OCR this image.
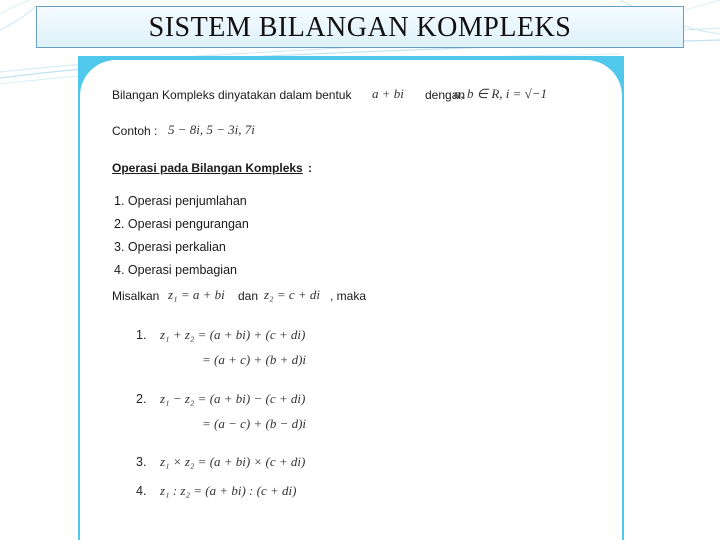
SISTEM BILANGAN KOMPLEKS
Bilangan Kompleks dinyatakan dalam bentuk a + bi dengan
a, b ∈ R, i = √−1
Contoh : 5 − 8i, 5 − 3i, 7i
Operasi pada Bilangan Kompleks :
1. Operasi penjumlahan
2. Operasi pengurangan
3. Operasi perkalian
4. Operasi pembagian
Misalkan z₁ = a + bi dan z₂ = c + di , maka
1. z₁ + z₂ = (a + bi) + (c + di)
= (a + c) + (b + d)i
2. z₁ − z₂ = (a + bi) − (c + di)
= (a − c) + (b − d)i
3. z₁ × z₂ = (a + bi) × (c + di)
4. z₁ : z₂ = (a + bi) : (c + di)
